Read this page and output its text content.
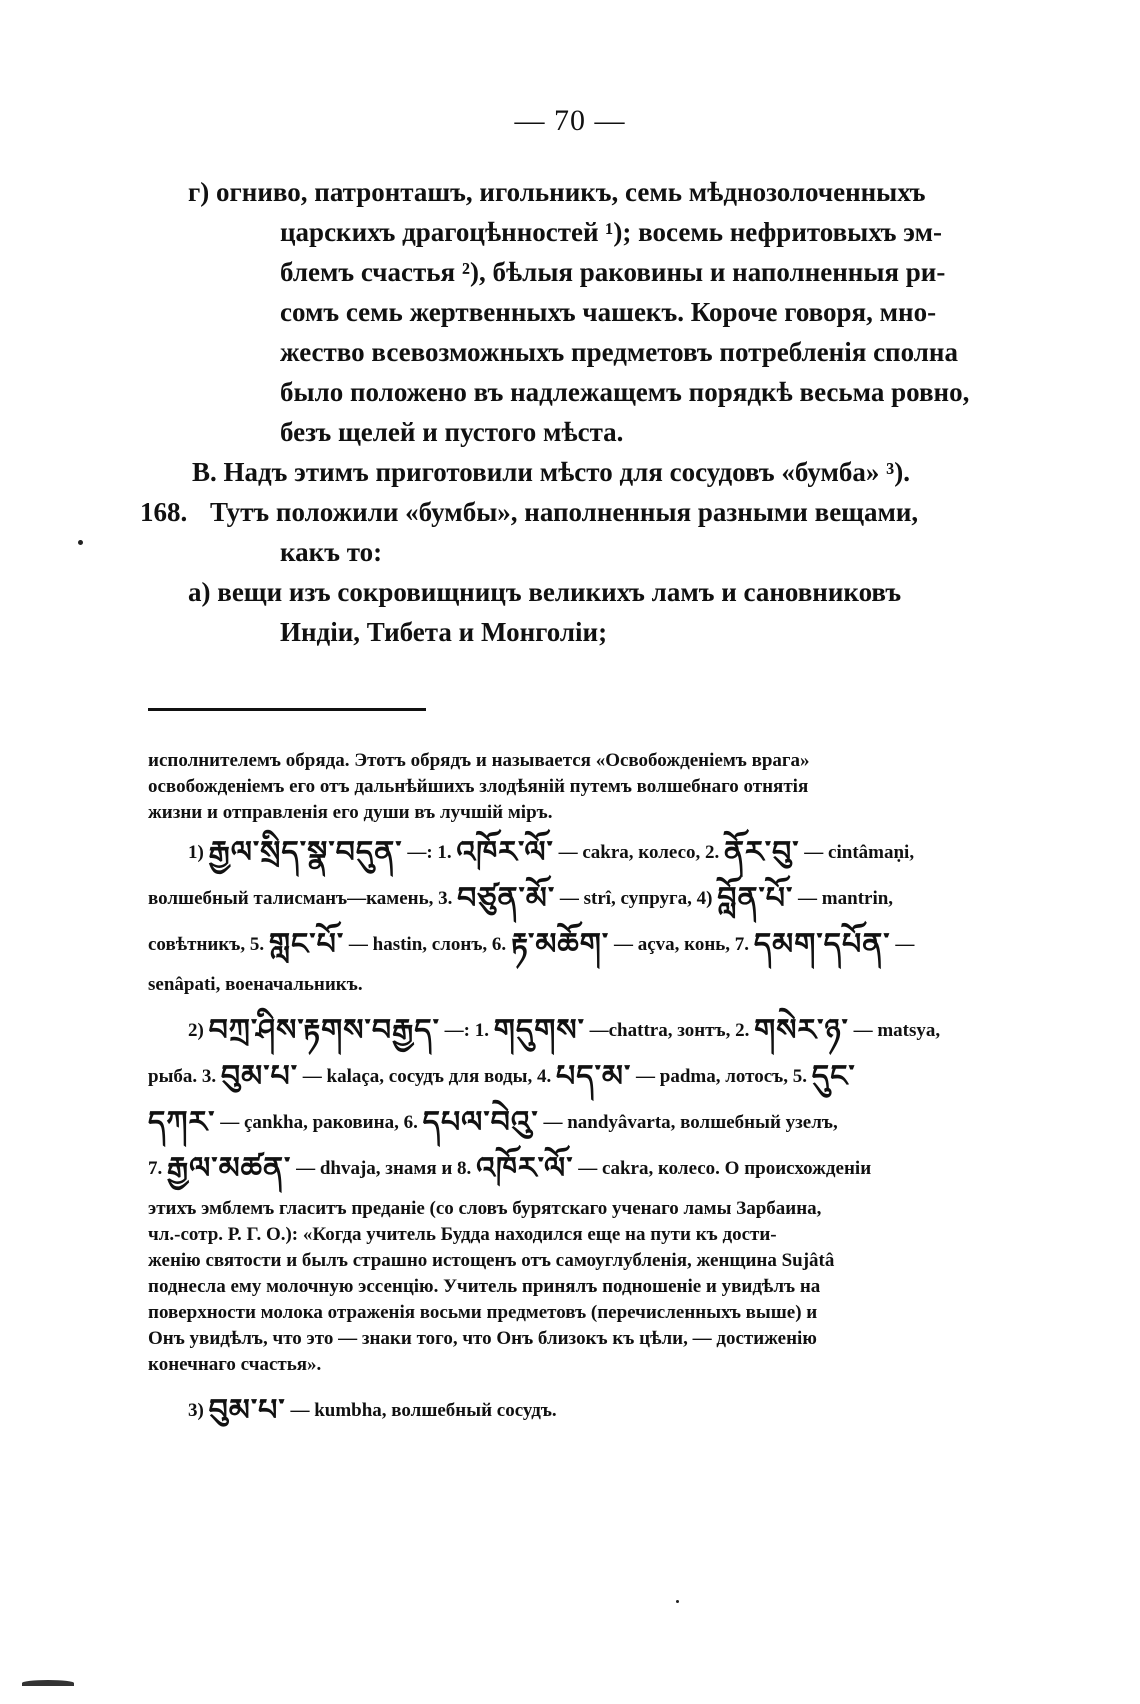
— 70 —
г) огниво, патронташъ, игольникъ, семь мѣднозолоченныхъ
царскихъ драгоцѣнностей ¹); восемь нефритовыхъ эм-
блемъ счастья ²), бѣлыя раковины и наполненныя ри-
сомъ семь жертвенныхъ чашекъ. Короче говоря, мно-
жество всевозможныхъ предметовъ потребленія сполна
было положено въ надлежащемъ порядкѣ весьма ровно,
безъ щелей и пустого мѣста.
В. Надъ этимъ приготовили мѣсто для сосудовъ «бумба» ³).
168. Тутъ положили «бумбы», наполненныя разными вещами,
какъ то:
а) вещи изъ сокровищницъ великихъ ламъ и сановниковъ
Индіи, Тибета и Монголіи;
исполнителемъ обряда. Этотъ обрядъ и называется «Освобожденіемъ врага»
освобожденіемъ его отъ дальнѣйшихъ злодѣяній путемъ волшебнаго отнятія
жизни и отправленія его души въ лучшій міръ.
1) རྒྱལ་སྲིད་སྣ་བདུན་ —: 1. འཁོར་ལོ་ — cakra, колесо, 2. ནོར་བུ་ — cintâmaṇi,
волшебный талисманъ—камень, 3. བཙུན་མོ་ — strî, супруга, 4) བློན་པོ་ — mantrin,
совѣтникъ, 5. གླང་པོ་ — hastin, слонъ, 6. རྟ་མཆོག་ — açva, конь, 7. དམག་དཔོན་ —
senâpati, военачальникъ.
2) བཀྲ་ཤིས་རྟགས་བརྒྱད་ —: 1. གདུགས་ —chattra, зонтъ, 2. གསེར་ཉ་ — matsya,
рыба. 3. བུམ་པ་ — kalaça, сосудъ для воды, 4. པད་མ་ — padma, лотосъ, 5. དུང་
དཀར་ — çankha, раковина, 6. དཔལ་བེའུ་ — nandyâvarta, волшебный узелъ,
7. རྒྱལ་མཚན་ — dhvaja, знамя и 8. འཁོར་ལོ་ — cakra, колесо. О происхожденіи
этихъ эмблемъ гласитъ преданіе (со словъ бурятскаго ученаго ламы Зарбаина,
чл.-сотр. Р. Г. О.): «Когда учитель Будда находился еще на пути къ дости-
женію святости и былъ страшно истощенъ отъ самоуглубленія, женщина Sujâtâ
поднесла ему молочную эссенцію. Учитель принялъ подношеніе и увидѣлъ на
поверхности молока отраженія восьми предметовъ (перечисленныхъ выше) и
Онъ увидѣлъ, что это — знаки того, что Онъ близокъ къ цѣли, — достиженію
конечнаго счастья».
3) བུམ་པ་ — kumbha, волшебный сосудъ.
